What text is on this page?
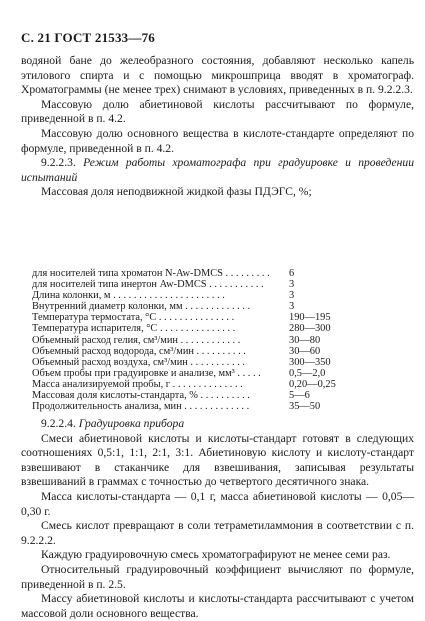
С. 21 ГОСТ 21533—76

водяной бане до желеобразного состояния, добавляют несколько капель этилового спирта и с помощью микрошприца вводят в хроматограф. Хроматограммы (не менее трех) снимают в условиях, приведенных в п. 9.2.2.3.

Массовую долю абиетиновой кислоты рассчитывают по формуле, приведенной в п. 4.2.

Массовую долю основного вещества в кислоте-стандарте определяют по формуле, приведенной в п. 4.2.

9.2.2.3. Режим работы хроматографа при градуировке и проведении испытаний

Массовая доля неподвижной жидкой фазы ПДЭГС, %;

для носителей типа хроматон N-Aw-DMCS . . . . . . . . . 6
для носителей типа инертон Aw-DMCS . . . . . . . . . . . 3
Длина колонки, м . . . . . . . . . . . . . . . . . . . . . .	3
Внутренний диаметр колонки, мм . . . . . . . . . . . . .	3
Температура термостата, °С . . . . . . . . . . . . . . .	190—195
Температура испарителя, °С . . . . . . . . . . . . . . .	280—300
Объемный расход гелия, см³/мин . . . . . . . . . . . .	30—80
Объемный расход водорода, см³/мин . . . . . . . . . .	30—60
Объемный расход воздуха, см³/мин . . . . . . . . . . .	300—350
Объем пробы при градуировке и анализе, мм³ . . . . .	0,5—2,0
Масса анализируемой пробы, г . . . . . . . . . . . . . .	0,20—0,25
Массовая доля кислоты-стандарта, % . . . . . . . . . .	5—6
Продолжительность анализа, мин . . . . . . . . . . . . .	35—50

9.2.2.4. Градуировка прибора

Смеси абиетиновой кислоты и кислоты-стандарт готовят в следующих соотношениях 0,5:1, 1:1, 2:1, 3:1. Абиетиновую кислоту и кислоту-стандарт взвешивают в стаканчике для взвешивания, записывая результаты взвешиваний в граммах с точностью до четвертого десятичного знака.

Масса кислоты-стандарта — 0,1 г, масса абиетиновой кислоты — 0,05—0,30 г.

Смесь кислот превращают в соли тетраметиламмония в соответствии с п. 9.2.2.2.

Каждую градуировочную смесь хроматографируют не менее семи раз.

Относительный градуировочный коэффициент вычисляют по формуле, приведенной в п. 2.5.

Массу абиетиновой кислоты и кислоты-стандарта рассчитывают с учетом массовой доли основного вещества.
